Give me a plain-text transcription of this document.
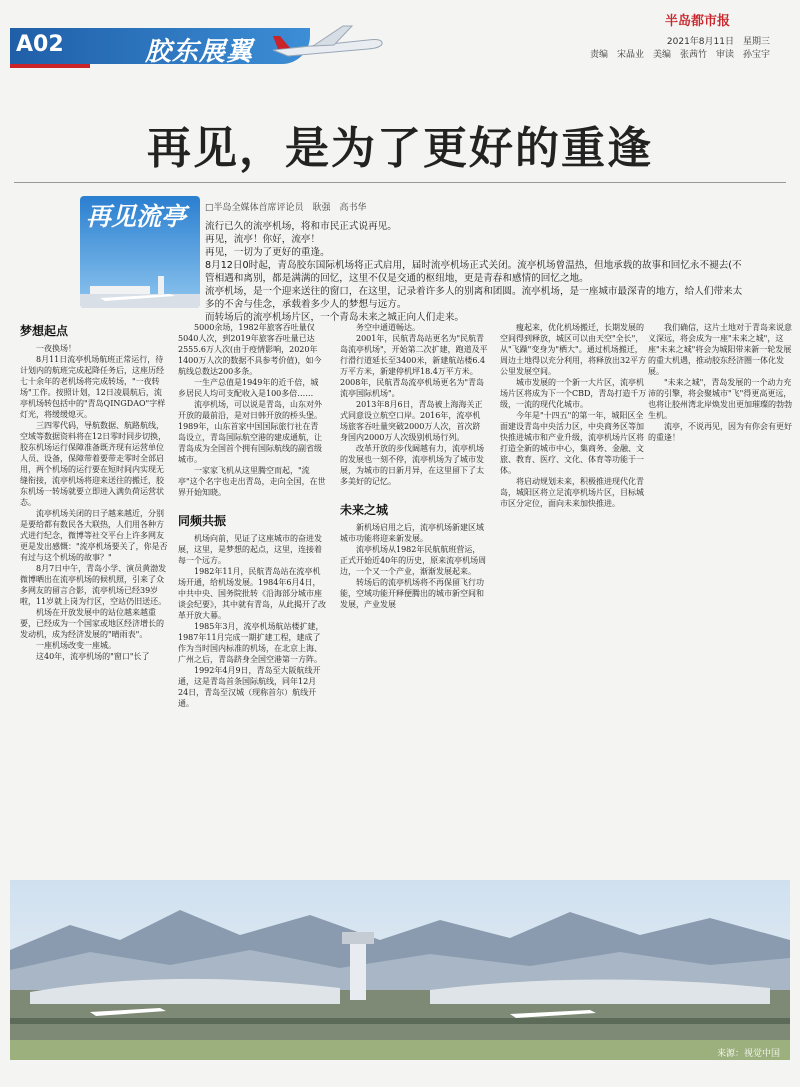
A02	胶东展翼
半岛都市报
2021年8月11日　星期三
责编　宋晶业　美编　张茜竹　审读　孙宝宇
再见，是为了更好的重逢
再见流亭 □半岛全媒体首席评论员　耿强　高书华

流行已久的流亭机场，将和市民正式说再见。

再见，流亭！你好，流亭！

再见，一切为了更好的重逢。

8月12日0时起，青岛胶东国际机场将正式启用，届时流亭机场正式关闭。流亭机场曾温热，但地承载的故事和回忆永不褪去(不管相遇和离别，都是满满的回忆，这里不仅是交通的枢纽地，更是青春和感情的回忆之地。

流亭机场，是一个迎来送往的窗口，在这里，记录着许多人的别离和团圆。流亭机场，是一座城市最深青的地方，给人们带来太多的不舍与佳念，承载着多少人的梦想与远方。

而转场后的流亭机场片区，一个青岛未来之城正向人们走来。

梦想起点

一夜换场！

8月11日流亭机场航班正常运行，待计划内的航班完成起降任务后，这座历经七十余年的老机场将完成转场，"一夜转场"工作。按照计划，12日凌晨航后，流亭机场转包括中的"青岛QINGDAO"字样灯光，将缓缓熄灭。

三四零代码，导航数据、航路航线，空域等数据资料将在12日零时同步切换，胶东机场运行保障准备既齐现有运营单位人员、设备，保障带着要带走零时全部启用，两个机场的运行要在短时间内实现无缝衔接，流亭机场将迎来送往的搬迁，胶东机场一转场就要立即进入满负荷运营状态。

流亭机场关闭的日子越来越近，分别是要给都有数民各大联热，人们用各种方式进行纪念，微博等社交平台上许多网友更是发出感慨："流亭机场要关了，你是否有过与这个机场的故事？"

8月7日中午，青岛小学、演员黄渤发微博晒出在流亭机场的候机照，引来了众多网友的留言合影，流亭机场已经39岁啦，11岁就上岗为行区，空站仍旧送还。

机场在开放发展中的站位越来越重要，已经成为一个国家或地区经济增长的发动机，成为经济发展的"晴雨表"。

一座机场改变一座城。

这40年，流亭机场的"窗口"长了

5000余场，1982年旅客吞吐量仅5040人次，到2019年旅客吞吐量已达2555.6万人次(由于疫情影响，2020年1400万人次的数据不具参考价值)，如今航线总数达200多条。

一生产总值是1949年的近千倍，城乡居民人均可支配收入是100多倍……

流亭机场，可以说是青岛，山东对外开放的最前沿，是对日韩开放的桥头堡。1989年，山东首家中国国际旅行社在青岛设立，青岛国际航空港的建成通航，让青岛成为全国首个拥有国际航线的副省级城市。

一家家飞机从这里腾空而起，"流亭"这个名字也走出青岛，走向全国，在世界开始知晓。

同频共振

机场向前，见证了这座城市的奋进发展，这里，是梦想的起点，这里，连接着每一个远方。

1982年11月，民航青岛站在流亭机场开通，给机场发展。1984年6月4日，中共中央、国务院批转《沿海部分城市座谈会纪要》，其中就有青岛，从此揭开了改革开放大幕。

1985年3月，流亭机场航站楼扩建，1987年11月完成一期扩建工程，建成了作为当时国内标准的机场，在北京上海、广州之后，青岛跻身全国空港第一方阵。

1992年4月9日，青岛至大阪航线开通，这是青岛首条国际航线，同年12月24日，青岛至汉城（现称首尔）航线开通。

务空中通道畅达。

2001年，民航青岛站更名为"民航青岛流亭机场"，开始第二次扩建，跑道及平行滑行道延长至3400米，新建航站楼6.4万平方米，新建停机坪18.4万平方米。2008年，民航青岛流亭机场更名为"青岛流亭国际机场"。

2013年8月6日，青岛被上海海关正式同意设立航空口岸。2016年，流亭机场旅客吞吐量突破2000万人次，首次跻身国内2000万人次级别机场行列。

改革开放的步伐阔越有力，流亭机场的发展也一刻不停，流亭机场为了城市发展，为城市的日新月异，在这里留下了太多美好的记忆。

未来之城

新机场启用之后，流亭机场新建区域城市功能将迎来新发展。

流亭机场从1982年民航航班营运，正式开始近40年的历史，原来流亭机场周边，一个又一个产业，渐渐发展起来。

转场后的流亭机场将不再保留飞行功能，空域功能开释便腾出的城市新空间和发展，产业发展

瘦起来，优化机场搬迁，长期发展的空间得到释放，城区可以由天空"全长"，从"飞躁"变身为"栖大"。通过机场搬迁，周边土地得以充分利用，将释放出32平方公里发展空间。

城市发展的一个新一大片区，流亭机场片区将成为下一个CBD，青岛打造千万级，一流的现代化城市。

今年是"十四五"的第一年，城阳区全面建设青岛中央活力区，中央商务区等加快推进城市和产业升级，流亭机场片区将打造全新的城市中心，集商务、金融、文旅、教育、医疗、文化、体育等功能于一体。

将启动规划未来，积极推进现代化青岛，城阳区将立足流亭机场片区，目标城市区分定位，面向未来加快推进。

我们确信，这片土地对于青岛来说意义深远，将会成为一座"未来之城"，这座"未来之城"将会为城阳带来新一轮发展的重大机遇，推动胶东经济圈一体化发展。

"未来之城"，青岛发展的一个动力充沛的引擎，将会聚城市"飞"得更高更远，也将让胶州湾北岸焕发出更加璀璨的勃勃生机。

流亭，不说再见，因为有你会有更好的重逢！

来源：视觉中国
